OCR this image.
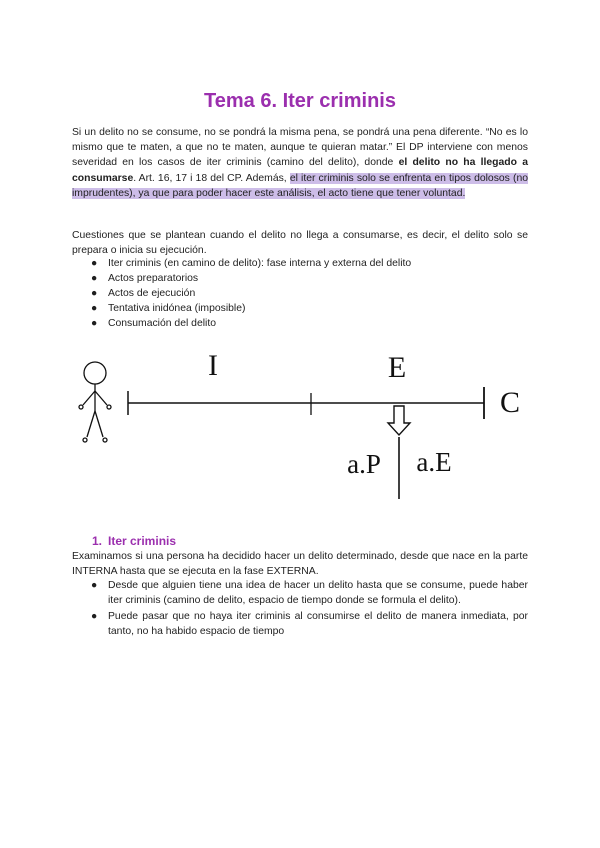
Tema 6. Iter criminis
Si un delito no se consume, no se pondrá la misma pena, se pondrá una pena diferente. “No es lo mismo que te maten, a que no te maten, aunque te quieran matar.” El DP interviene con menos severidad en los casos de iter criminis (camino del delito), donde el delito no ha llegado a consumarse. Art. 16, 17 i 18 del CP. Además, el iter criminis solo se enfrenta en tipos dolosos (no imprudentes), ya que para poder hacer este análisis, el acto tiene que tener voluntad.
Cuestiones que se plantean cuando el delito no llega a consumarse, es decir, el delito solo se prepara o inicia su ejecución.
● Iter criminis (en camino de delito): fase interna y externa del delito
● Actos preparatorios
● Actos de ejecución
● Tentativa inidónea (imposible)
● Consumación del delito
I	E
C
a.P a.E
1. Iter criminis
Examinamos si una persona ha decidido hacer un delito determinado, desde que nace en la parte INTERNA hasta que se ejecuta en la fase EXTERNA.
● Desde que alguien tiene una idea de hacer un delito hasta que se consume, puede haber iter criminis (camino de delito, espacio de tiempo donde se formula el delito).
● Puede pasar que no haya iter criminis al consumirse el delito de manera inmediata, por tanto, no ha habido espacio de tiempo
